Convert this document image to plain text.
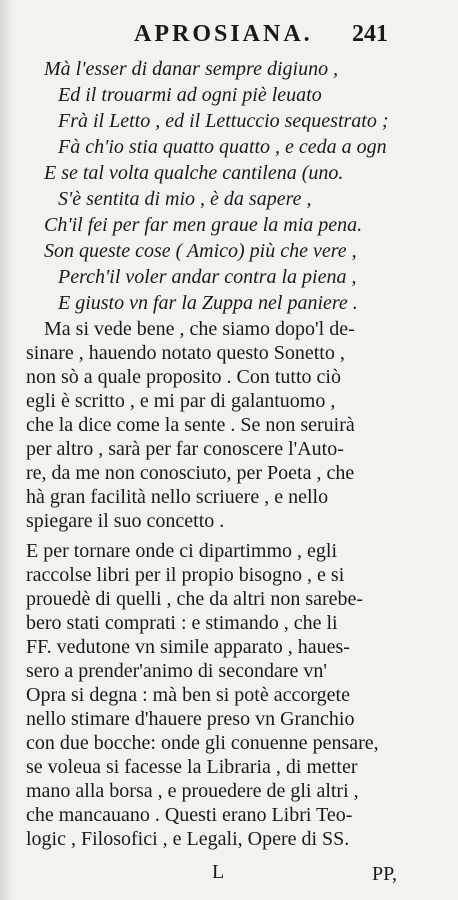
APROSIANA. 241
Mà l'esser di danar sempre digiuno ,
Ed il trouarmi ad ogni piè leuato
Frà il Letto , ed il Lettuccio sequestrato ;
Fà ch'io stia quatto quatto , e ceda a ogn
E se tal volta qualche cantilena (uno.
S'è sentita di mio , è da sapere ,
Ch'il fei per far men graue la mia pena.
Son queste cose ( Amico) più che vere ,
Perch'il voler andar contra la piena ,
E giusto vn far la Zuppa nel paniere .
Ma si vede bene , che siamo dopo'l de-
sinare , hauendo notato questo Sonetto ,
non sò a quale proposito . Con tutto ciò
egli è scritto , e mi par di galantuomo ,
che la dice come la sente . Se non seruirà
per altro , sarà per far conoscere l'Auto-
re, da me non conosciuto, per Poeta , che
hà gran facilità nello scriuere , e nello
spiegare il suo concetto .
E per tornare onde ci dipartimmo , egli
raccolse libri per il propio bisogno , e si
prouedè di quelli , che da altri non sarebe-
bero stati comprati : e stimando , che li
FF. vedutone vn simile apparato , haues-
sero a prender'animo di secondare vn'
Opra si degna : mà ben si potè accorgete
nello stimare d'hauere preso vn Granchio
con due bocche: onde gli conuenne pensare,
se voleua si facesse la Libraria , di metter
mano alla borsa , e prouedere de gli altri ,
che mancauano . Questi erano Libri Teo-
logic , Filosofici , e Legali, Opere di SS.
L	PP,
